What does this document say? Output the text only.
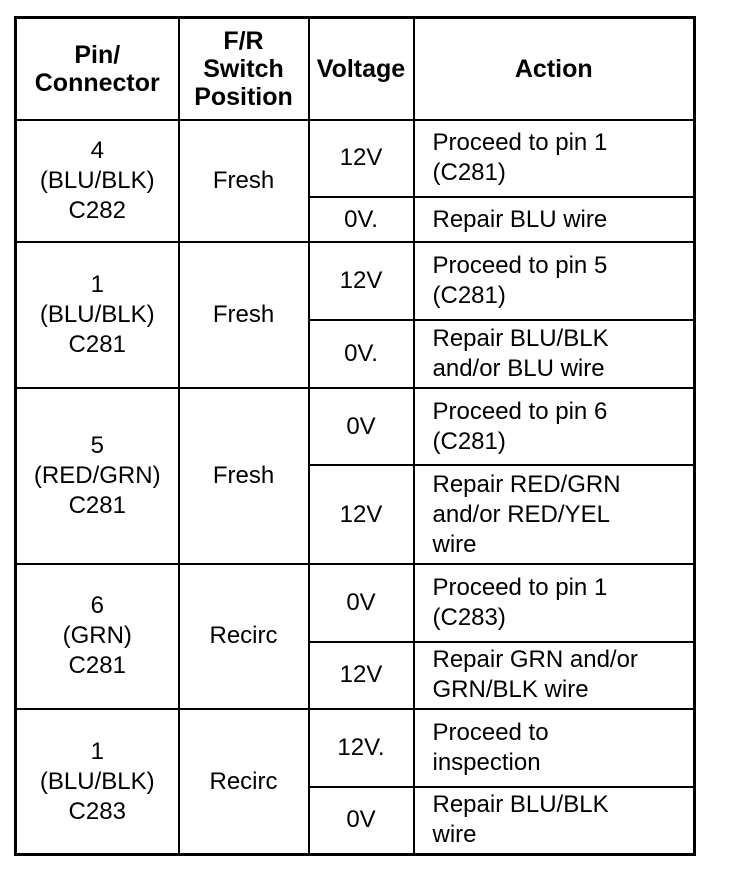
Pin/
Connector	F/R
Switch
Position	Voltage	Action
4
(BLU/BLK)
C282	Fresh	12V	Proceed to pin 1
(C281)

		0V.	Repair BLU wire

1
(BLU/BLK)
C281	Fresh	12V	Proceed to pin 5
(C281)

		0V.	Repair BLU/BLK
and/or BLU wire

5
(RED/GRN)
C281	Fresh	0V	Proceed to pin 6
(C281)

		12V	Repair RED/GRN
and/or RED/YEL
wire

6
(GRN)
C281	Recirc	0V	Proceed to pin 1
(C283)

		12V	Repair GRN and/or
GRN/BLK wire

1
(BLU/BLK)
C283	Recirc	12V.	Proceed to
inspection

		0V	Repair BLU/BLK
wire
